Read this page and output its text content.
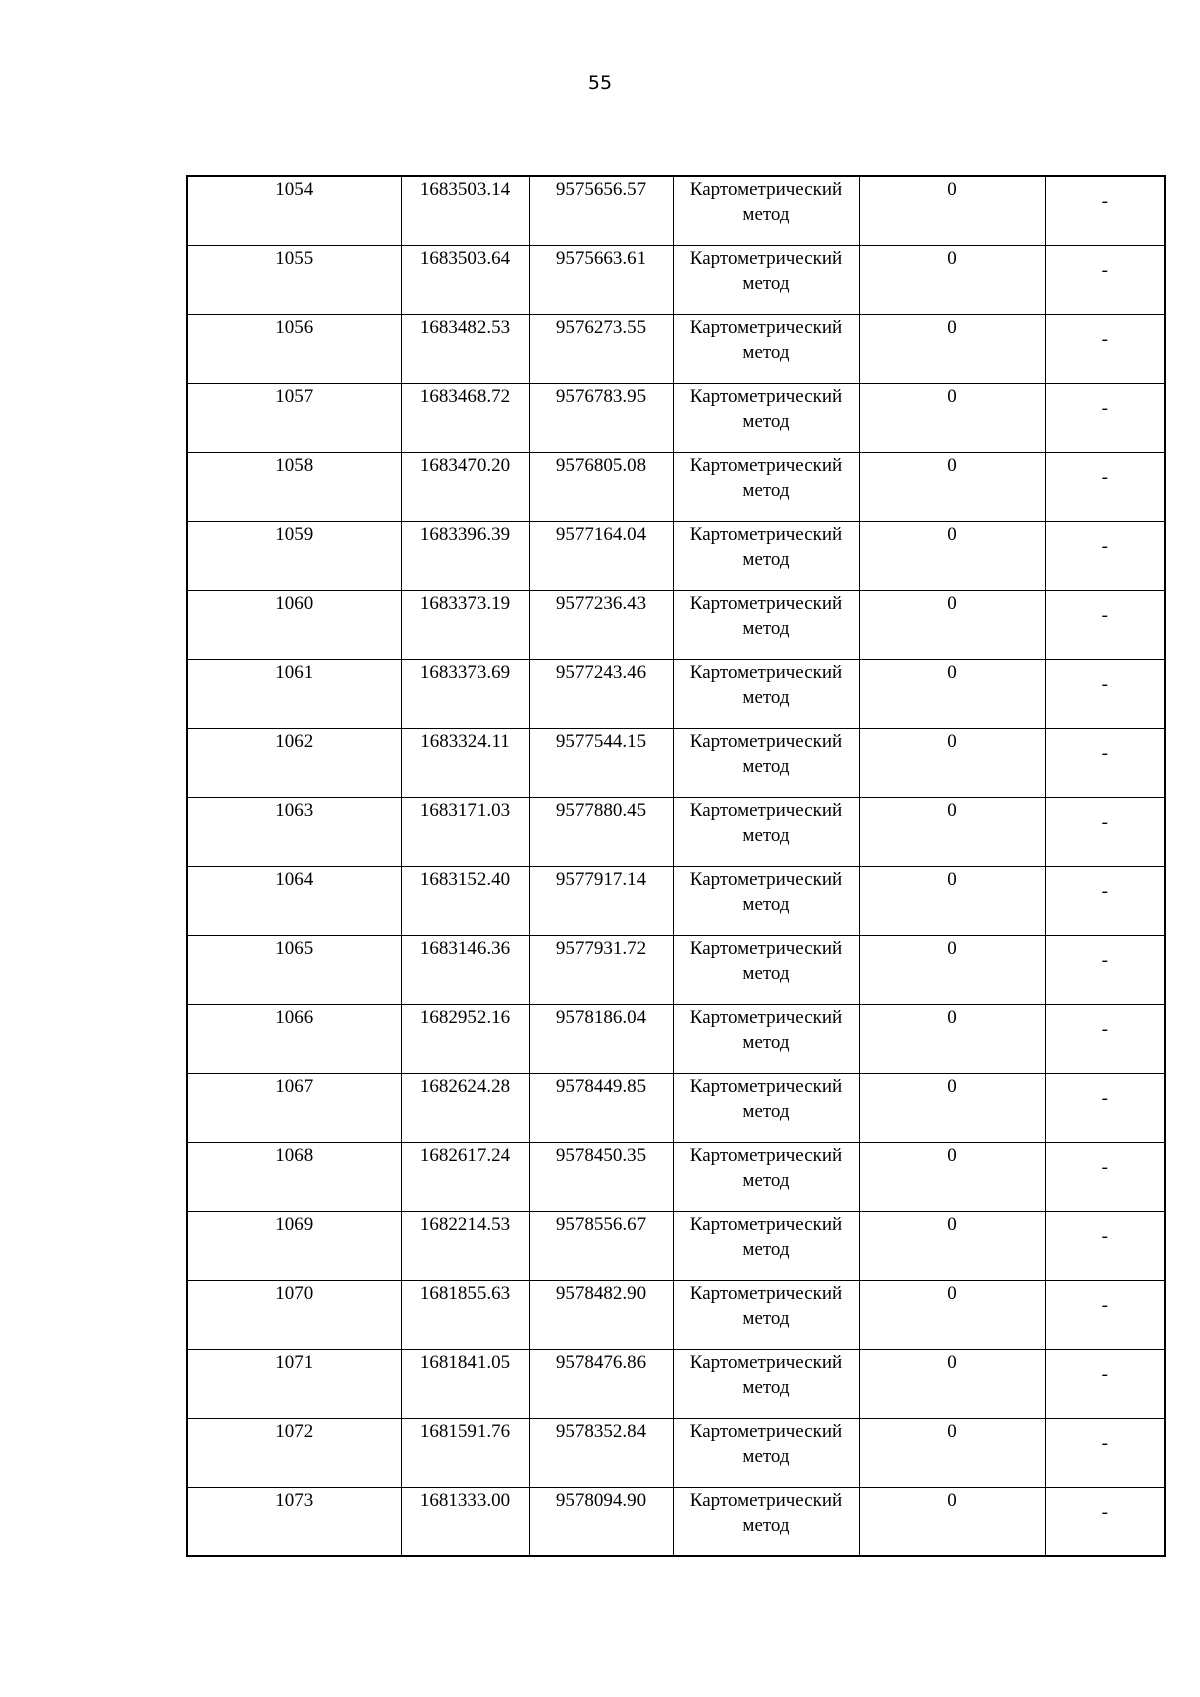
55
1054	1683503.14	9575656.57	Картометрический метод	0	-

1055	1683503.64	9575663.61	Картометрический метод	0	-

1056	1683482.53	9576273.55	Картометрический метод	0	-

1057	1683468.72	9576783.95	Картометрический метод	0	-

1058	1683470.20	9576805.08	Картометрический метод	0	-

1059	1683396.39	9577164.04	Картометрический метод	0	-

1060	1683373.19	9577236.43	Картометрический метод	0	-

1061	1683373.69	9577243.46	Картометрический метод	0	-

1062	1683324.11	9577544.15	Картометрический метод	0	-

1063	1683171.03	9577880.45	Картометрический метод	0	-

1064	1683152.40	9577917.14	Картометрический метод	0	-

1065	1683146.36	9577931.72	Картометрический метод	0	-

1066	1682952.16	9578186.04	Картометрический метод	0	-

1067	1682624.28	9578449.85	Картометрический метод	0	-

1068	1682617.24	9578450.35	Картометрический метод	0	-

1069	1682214.53	9578556.67	Картометрический метод	0	-

1070	1681855.63	9578482.90	Картометрический метод	0	-

1071	1681841.05	9578476.86	Картометрический метод	0	-

1072	1681591.76	9578352.84	Картометрический метод	0	-

1073	1681333.00	9578094.90	Картометрический метод	0	-
